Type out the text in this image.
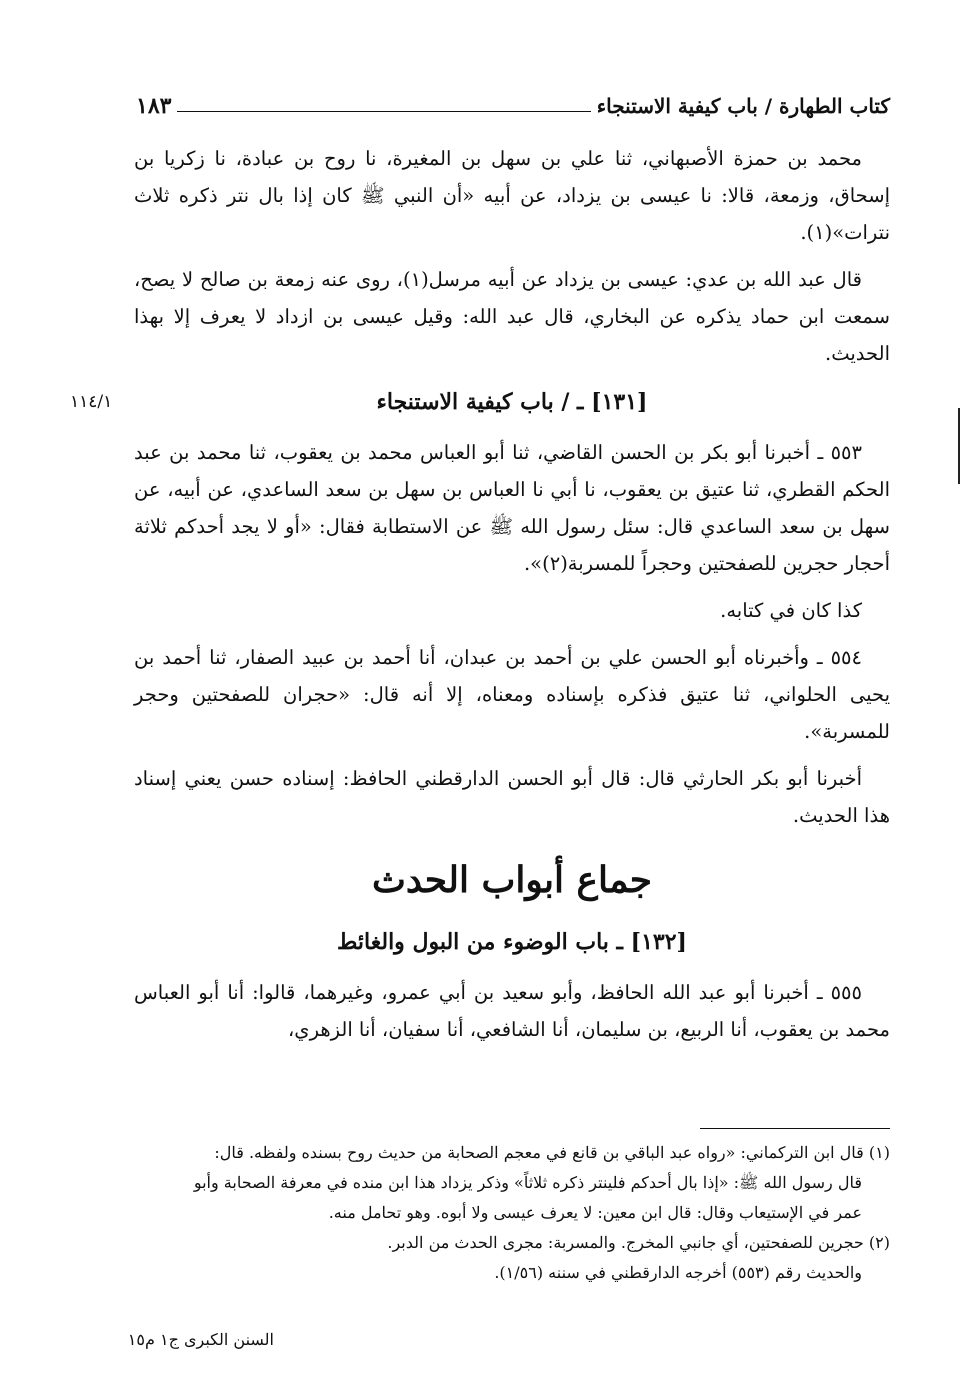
كتاب الطهارة / باب كيفية الاستنجاء
١٨٣

محمد بن حمزة الأصبهاني، ثنا علي بن سهل بن المغيرة، نا روح بن عبادة، نا زكريا بن إسحاق، وزمعة، قالا: نا عيسى بن يزداد، عن أبيه «أن النبي ﷺ كان إذا بال نتر ذكره ثلاث نترات»(١).

قال عبد الله بن عدي: عيسى بن يزداد عن أبيه مرسل(١)، روى عنه زمعة بن صالح لا يصح، سمعت ابن حماد يذكره عن البخاري، قال عبد الله: وقيل عيسى بن ازداد لا يعرف إلا بهذا الحديث.

[١٣١] ـ / باب كيفية الاستنجاء
١١٤/١

٥٥٣ ـ أخبرنا أبو بكر بن الحسن القاضي، ثنا أبو العباس محمد بن يعقوب، ثنا محمد بن عبد الحكم القطري، ثنا عتيق بن يعقوب، نا أبي نا العباس بن سهل بن سعد الساعدي، عن أبيه، عن سهل بن سعد الساعدي قال: سئل رسول الله ﷺ عن الاستطابة فقال: «أو لا يجد أحدكم ثلاثة أحجار حجرين للصفحتين وحجراً للمسربة(٢)».

كذا كان في كتابه.

٥٥٤ ـ وأخبرناه أبو الحسن علي بن أحمد بن عبدان، أنا أحمد بن عبيد الصفار، ثنا أحمد بن يحيى الحلواني، ثنا عتيق فذكره بإسناده ومعناه، إلا أنه قال: «حجران للصفحتين وحجر للمسربة».

أخبرنا أبو بكر الحارثي قال: قال أبو الحسن الدارقطني الحافظ: إسناده حسن يعني إسناد هذا الحديث.

جماع أبواب الحدث
[١٣٢] ـ باب الوضوء من البول والغائط

٥٥٥ ـ أخبرنا أبو عبد الله الحافظ، وأبو سعيد بن أبي عمرو، وغيرهما، قالوا: أنا أبو العباس محمد بن يعقوب، أنا الربيع، بن سليمان، أنا الشافعي، أنا سفيان، أنا الزهري،

(١) قال ابن التركماني: «رواه عبد الباقي بن قانع في معجم الصحابة من حديث روح بسنده ولفظه. قال:

قال رسول الله ﷺ: «إذا بال أحدكم فلينتر ذكره ثلاثاً» وذكر يزداد هذا ابن منده في معرفة الصحابة وأبو

عمر في الإستيعاب وقال: قال ابن معين: لا يعرف عيسى ولا أبوه. وهو تحامل منه.

(٢) حجرين للصفحتين، أي جانبي المخرج. والمسربة: مجرى الحدث من الدبر.

والحديث رقم (٥٥٣) أخرجه الدارقطني في سننه (١/٥٦).

السنن الكبرى ج١ م١٥
